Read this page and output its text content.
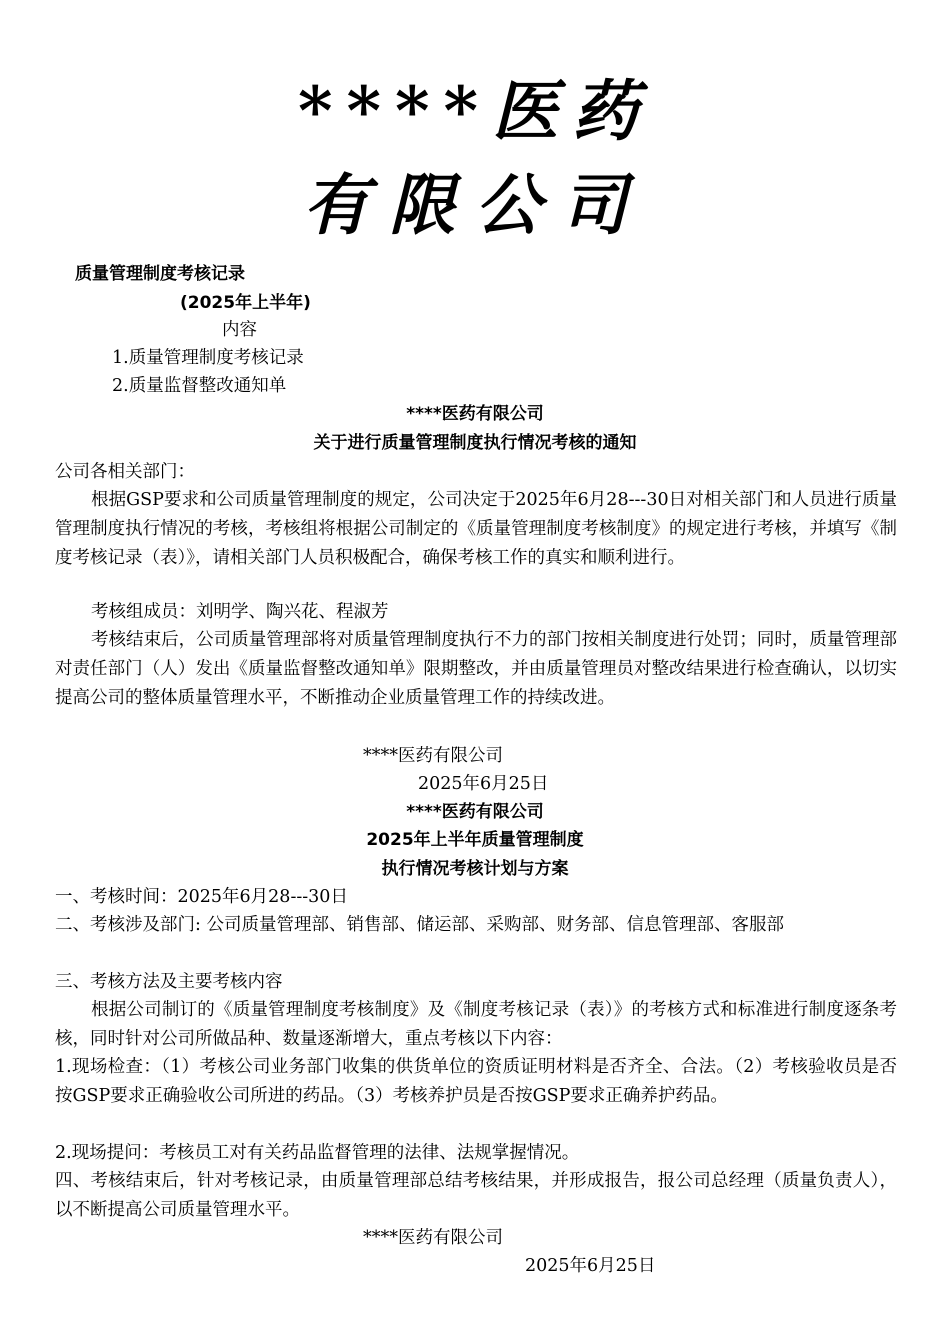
****医药
有限公司
质量管理制度考核记录
(2025年上半年)
内容
1.质量管理制度考核记录
2.质量监督整改通知单
****医药有限公司
关于进行质量管理制度执行情况考核的通知
公司各相关部门：
根据GSP要求和公司质量管理制度的规定，公司决定于2025年6月28---30日对相关部门和人员进行质量管理制度执行情况的考核，考核组将根据公司制定的《质量管理制度考核制度》的规定进行考核，并填写《制度考核记录（表）》，请相关部门人员积极配合，确保考核工作的真实和顺利进行。
考核组成员：刘明学、陶兴花、程淑芳
考核结束后，公司质量管理部将对质量管理制度执行不力的部门按相关制度进行处罚；同时，质量管理部对责任部门（人）发出《质量监督整改通知单》限期整改，并由质量管理员对整改结果进行检查确认，以切实提高公司的整体质量管理水平，不断推动企业质量管理工作的持续改进。
****医药有限公司
2025年6月25日
****医药有限公司
2025年上半年质量管理制度
执行情况考核计划与方案
一、考核时间：2025年6月28---30日
二、考核涉及部门: 公司质量管理部、销售部、储运部、采购部、财务部、信息管理部、客服部
三、考核方法及主要考核内容
根据公司制订的《质量管理制度考核制度》及《制度考核记录（表）》的考核方式和标准进行制度逐条考核，同时针对公司所做品种、数量逐渐增大，重点考核以下内容：
1.现场检查：（1）考核公司业务部门收集的供货单位的资质证明材料是否齐全、合法。（2）考核验收员是否按GSP要求正确验收公司所进的药品。（3）考核养护员是否按GSP要求正确养护药品。
2.现场提问：考核员工对有关药品监督管理的法律、法规掌握情况。
四、考核结束后，针对考核记录，由质量管理部总结考核结果，并形成报告，报公司总经理（质量负责人），以不断提高公司质量管理水平。
****医药有限公司
2025年6月25日
